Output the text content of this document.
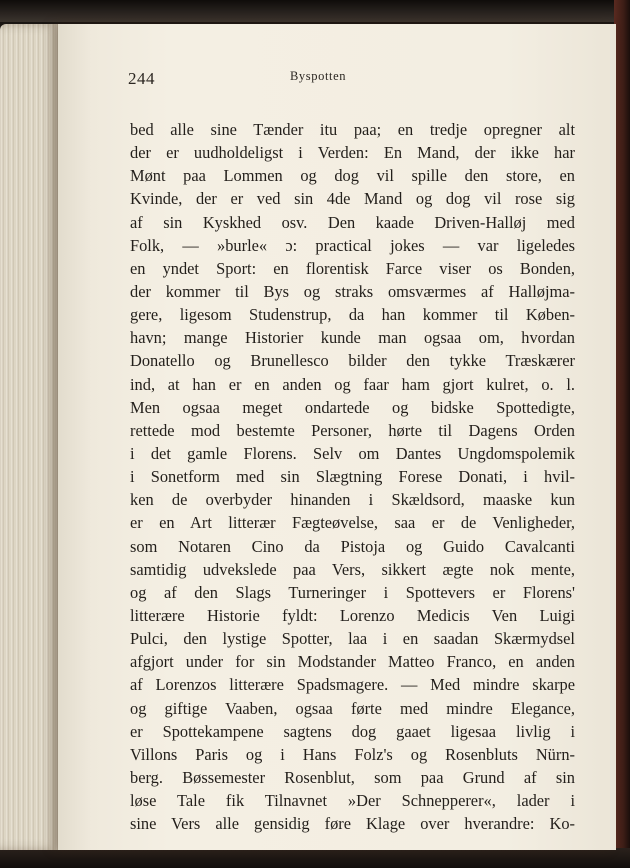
244	Byspotten
bed alle sine Tænder itu paa; en tredje opregner alt
der er uudholdeligst i Verden: En Mand, der ikke har
Mønt paa Lommen og dog vil spille den store, en
Kvinde, der er ved sin 4de Mand og dog vil rose sig
af sin Kyskhed osv. Den kaade Driven-Halløj med
Folk, — »burle« ɔ: practical jokes — var ligeledes
en yndet Sport: en florentisk Farce viser os Bonden,
der kommer til Bys og straks omsværmes af Halløjma-
gere, ligesom Studenstrup, da han kommer til Køben-
havn; mange Historier kunde man ogsaa om, hvordan
Donatello og Brunellesco bilder den tykke Træskærer
ind, at han er en anden og faar ham gjort kulret, o. l.
Men ogsaa meget ondartede og bidske Spottedigte,
rettede mod bestemte Personer, hørte til Dagens Orden
i det gamle Florens. Selv om Dantes Ungdomspolemik
i Sonetform med sin Slægtning Forese Donati, i hvil-
ken de overbyder hinanden i Skældsord, maaske kun
er en Art litterær Fægteøvelse, saa er de Venligheder,
som Notaren Cino da Pistoja og Guido Cavalcanti
samtidig udvekslede paa Vers, sikkert ægte nok mente,
og af den Slags Turneringer i Spottevers er Florens'
litterære Historie fyldt: Lorenzo Medicis Ven Luigi
Pulci, den lystige Spotter, laa i en saadan Skærmydsel
afgjort under for sin Modstander Matteo Franco, en anden
af Lorenzos litterære Spadsmagere. — Med mindre skarpe
og giftige Vaaben, ogsaa førte med mindre Elegance,
er Spottekampene sagtens dog gaaet ligesaa livlig i
Villons Paris og i Hans Folz's og Rosenbluts Nürn-
berg. Bøssemester Rosenblut, som paa Grund af sin
løse Tale fik Tilnavnet »Der Schnepperer«, lader i
sine Vers alle gensidig føre Klage over hverandre: Ko-
